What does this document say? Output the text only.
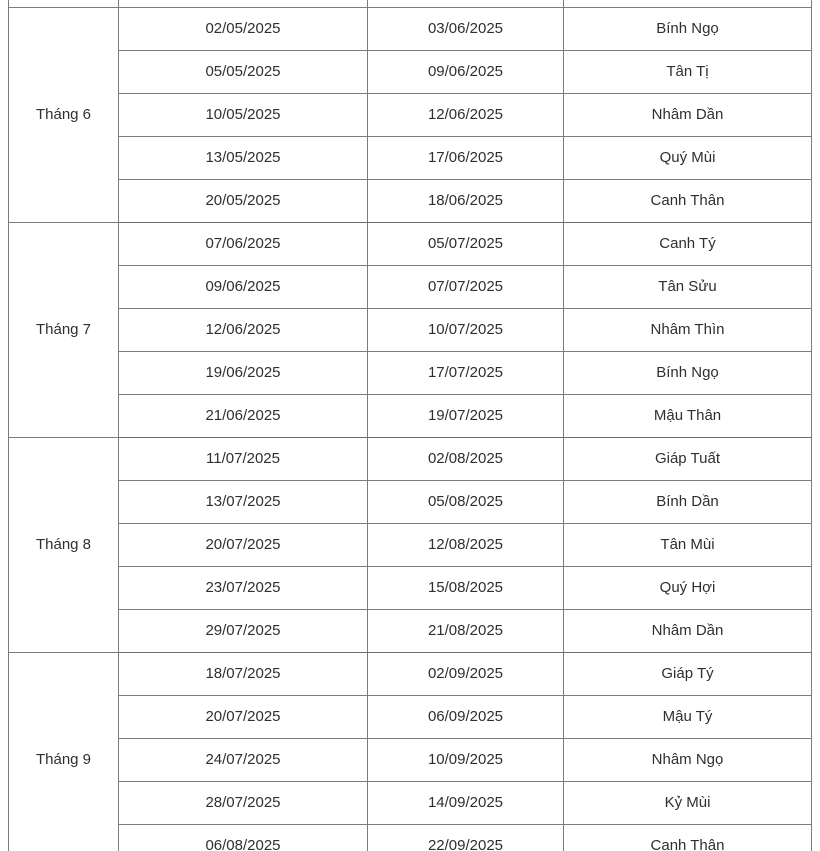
Tháng 6	02/05/2025	03/06/2025	Bính Ngọ
	05/05/2025	09/06/2025	Tân Tị
	10/05/2025	12/06/2025	Nhâm Dần
	13/05/2025	17/06/2025	Quý Mùi
	20/05/2025	18/06/2025	Canh Thân
Tháng 7	07/06/2025	05/07/2025	Canh Tý
	09/06/2025	07/07/2025	Tân Sửu
	12/06/2025	10/07/2025	Nhâm Thìn
	19/06/2025	17/07/2025	Bính Ngọ
	21/06/2025	19/07/2025	Mậu Thân
Tháng 8	11/07/2025	02/08/2025	Giáp Tuất
	13/07/2025	05/08/2025	Bính Dần
	20/07/2025	12/08/2025	Tân Mùi
	23/07/2025	15/08/2025	Quý Hợi
	29/07/2025	21/08/2025	Nhâm Dần
Tháng 9	18/07/2025	02/09/2025	Giáp Tý
	20/07/2025	06/09/2025	Mậu Tý
	24/07/2025	10/09/2025	Nhâm Ngọ
	28/07/2025	14/09/2025	Kỷ Mùi
	06/08/2025	22/09/2025	Canh Thân
